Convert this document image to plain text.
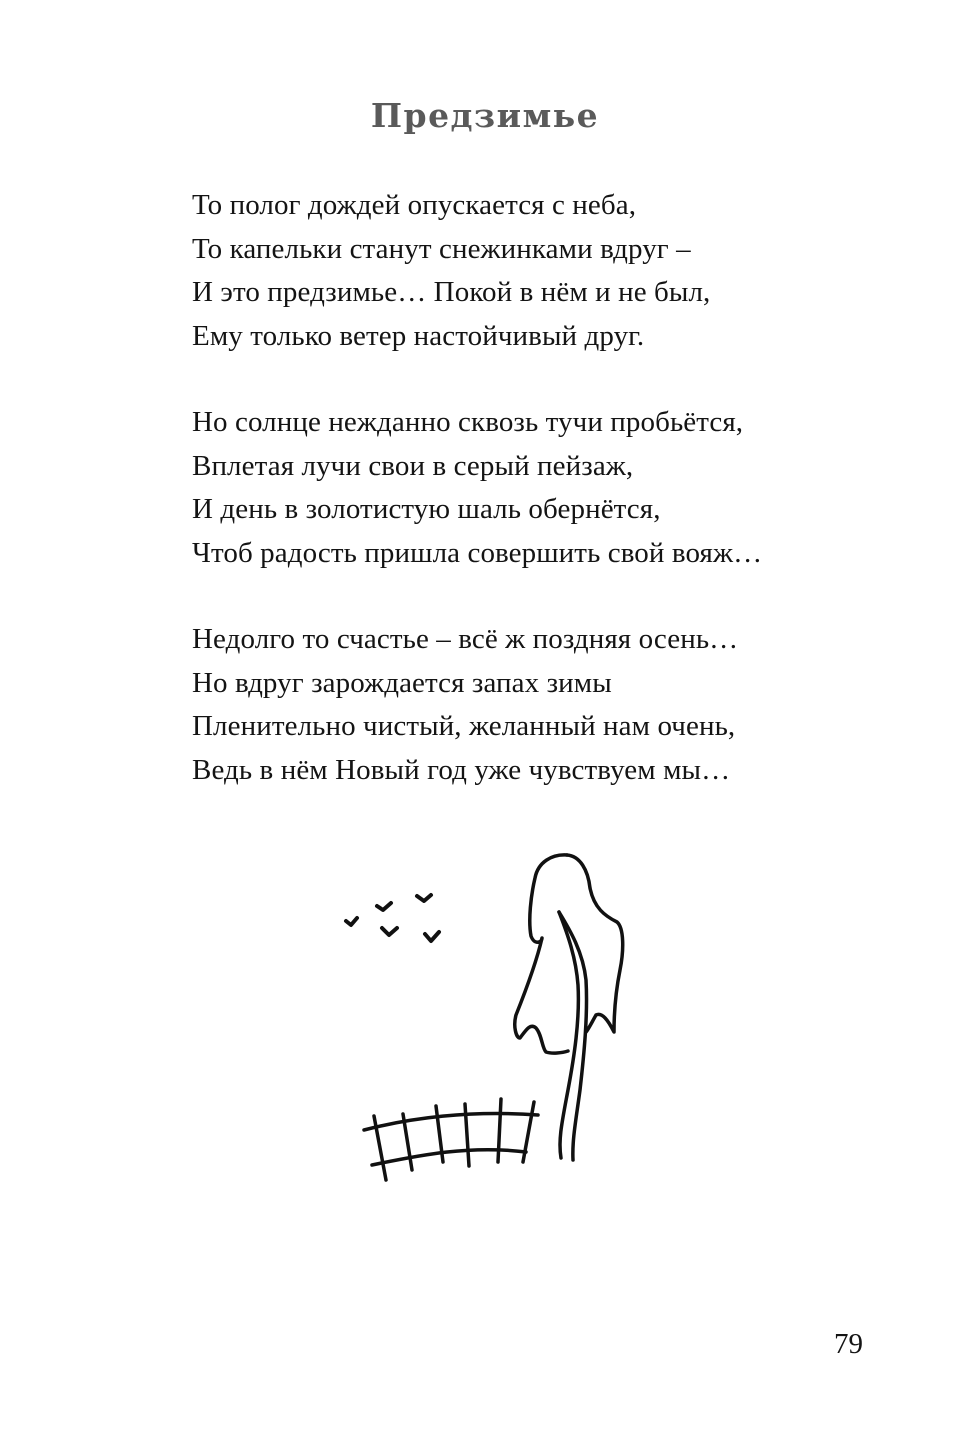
Предзимье
То полог дождей опускается с неба,
То капельки станут снежинками вдруг –
И это предзимье… Покой в нём и не был,
Ему только ветер настойчивый друг.
Но солнце нежданно сквозь тучи пробьётся,
Вплетая лучи свои в серый пейзаж,
И день в золотистую шаль обернётся,
Чтоб радость пришла совершить свой вояж…
Недолго то счастье – всё ж поздняя осень…
Но вдруг зарождается запах зимы
Пленительно чистый, желанный нам очень,
Ведь в нём Новый год уже чувствуем мы…
79
